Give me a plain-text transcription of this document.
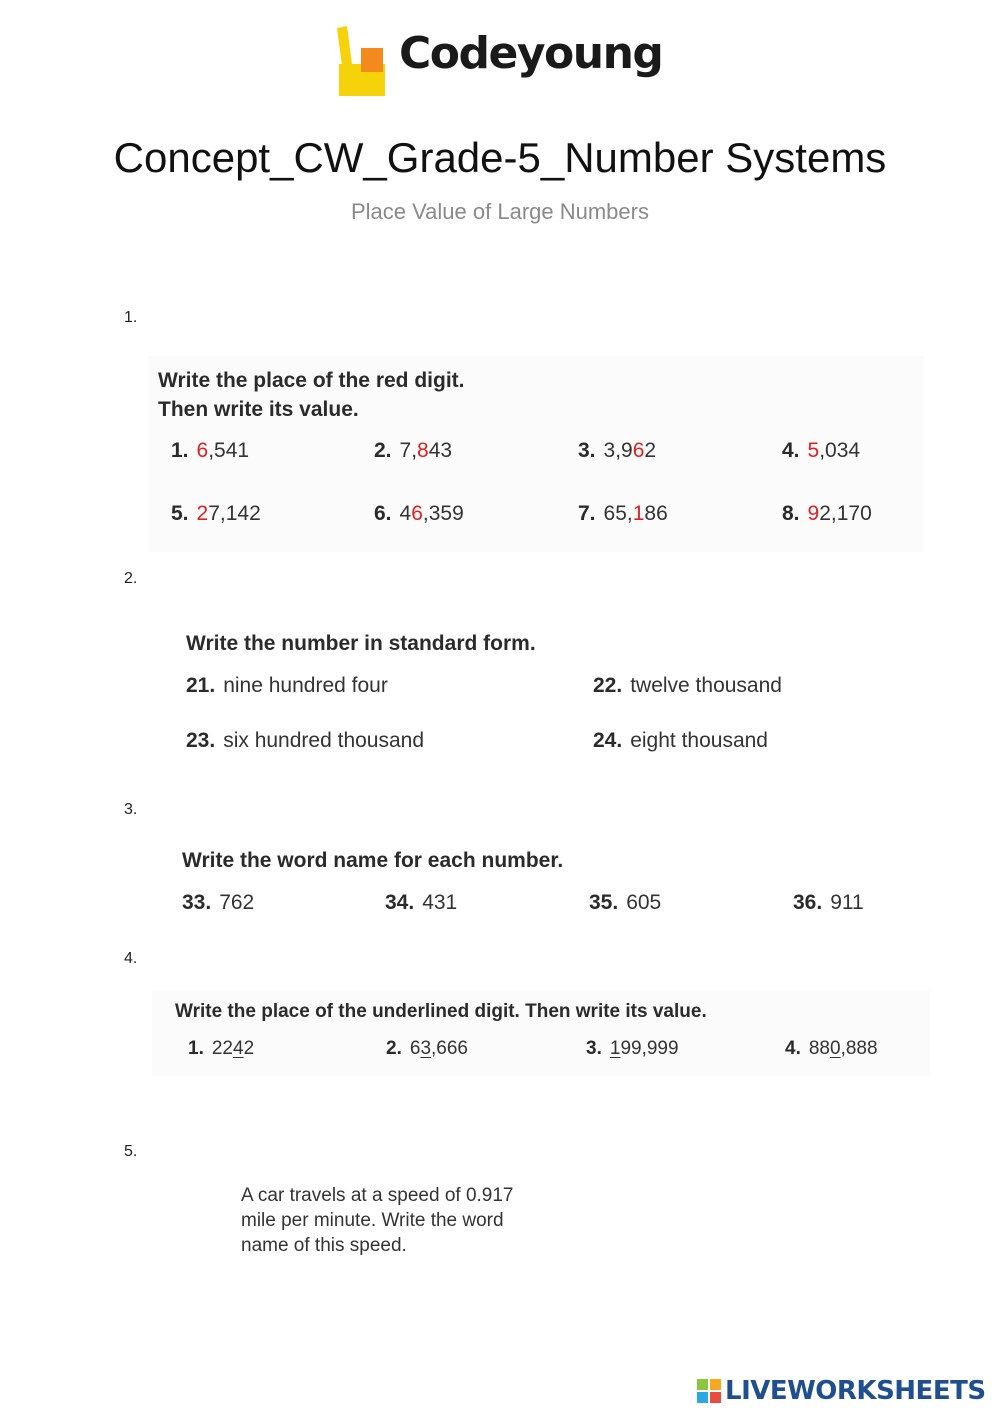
Codeyoung
Concept_CW_Grade-5_Number Systems
Place Value of Large Numbers
1.
Write the place of the red digit.
Then write its value.
1. 6,541	2. 7,843	3. 3,962	4. 5,034
5. 27,142	6. 46,359	7. 65,186	8. 92,170
2.
Write the number in standard form.
21. nine hundred four	22. twelve thousand
23. six hundred thousand	24. eight thousand
3.
Write the word name for each number.
33. 762	34. 431	35. 605	36. 911
4.
Write the place of the underlined digit. Then write its value.
1. 2242	2. 63,666	3. 199,999	4. 880,888
5.
A car travels at a speed of 0.917
mile per minute. Write the word
name of this speed.
LIVEWORKSHEETS
